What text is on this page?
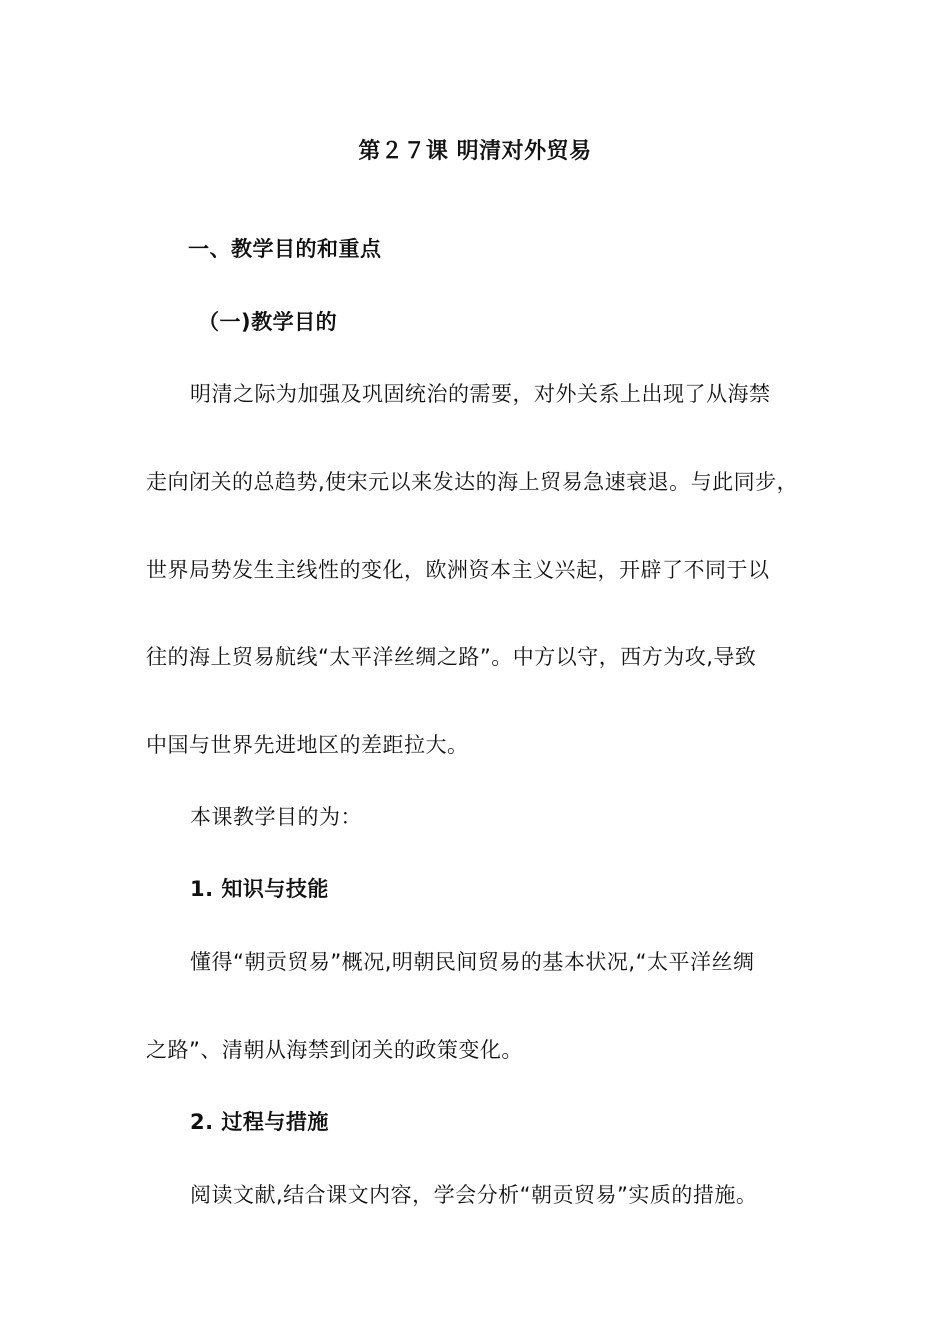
第２７课 明清对外贸易
一、教学目的和重点
（一)教学目的
明清之际为加强及巩固统治的需要，对外关系上出现了从海禁
走向闭关的总趋势,使宋元以来发达的海上贸易急速衰退。与此同步，
世界局势发生主线性的变化，欧洲资本主义兴起，开辟了不同于以
往的海上贸易航线“太平洋丝绸之路”。中方以守，西方为攻,导致
中国与世界先进地区的差距拉大。
本课教学目的为：
1. 知识与技能
懂得“朝贡贸易”概况,明朝民间贸易的基本状况,“太平洋丝绸
之路”、清朝从海禁到闭关的政策变化。
2. 过程与措施
阅读文献,结合课文内容，学会分析“朝贡贸易”实质的措施。
